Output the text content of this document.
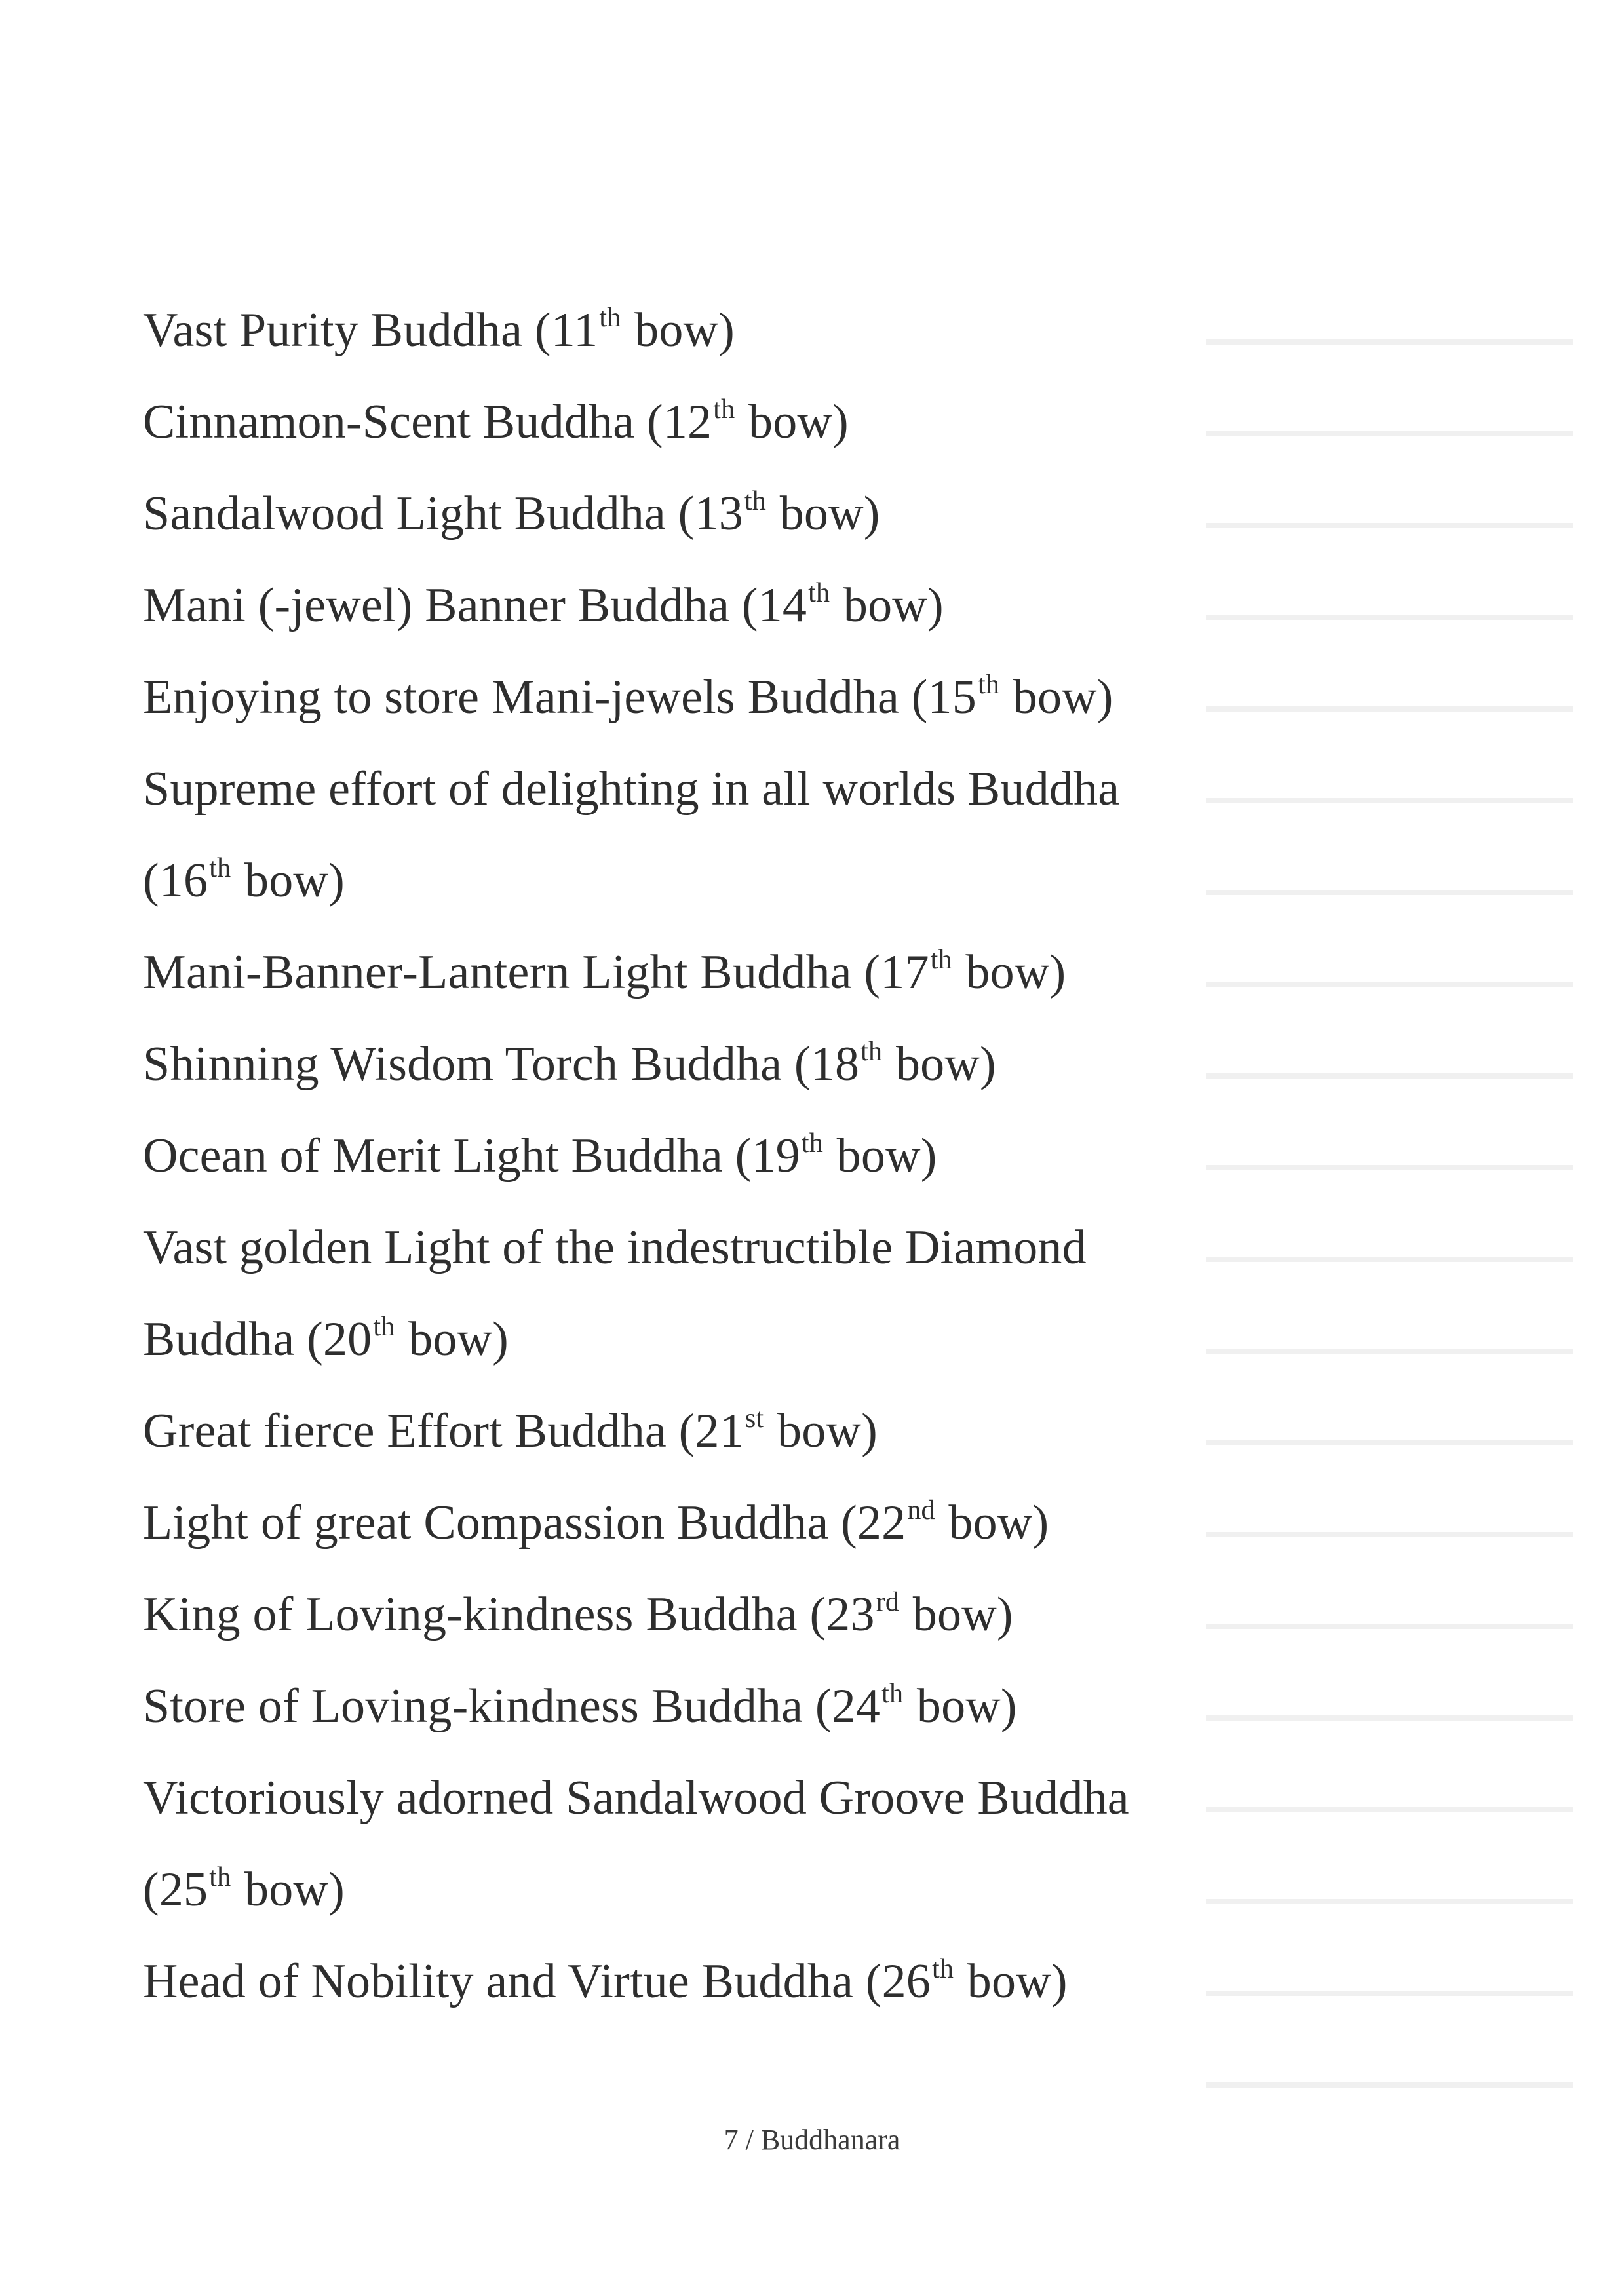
Vast Purity Buddha (11th bow)
Cinnamon-Scent Buddha (12th bow)
Sandalwood Light Buddha (13th bow)
Mani (-jewel) Banner Buddha (14th bow)
Enjoying to store Mani-jewels Buddha (15th bow)
Supreme effort of delighting in all worlds Buddha
(16th bow)
Mani-Banner-Lantern Light Buddha (17th bow)
Shinning Wisdom Torch Buddha (18th bow)
Ocean of Merit Light Buddha (19th bow)
Vast golden Light of the indestructible Diamond
Buddha (20th bow)
Great fierce Effort Buddha (21st bow)
Light of great Compassion Buddha (22nd bow)
King of Loving-kindness Buddha (23rd bow)
Store of Loving-kindness Buddha (24th bow)
Victoriously adorned Sandalwood Groove Buddha
(25th bow)
Head of Nobility and Virtue Buddha (26th bow)
7 / Buddhanara
